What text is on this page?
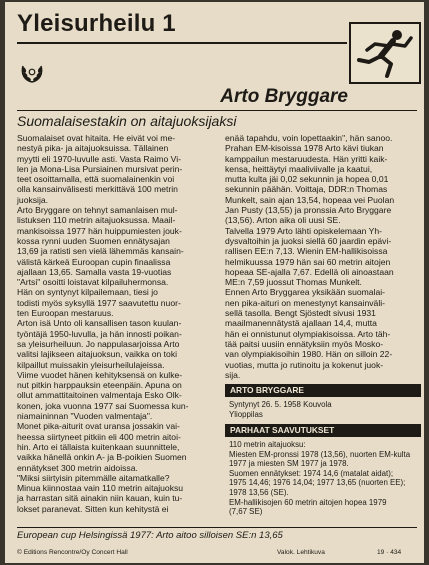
Yleisurheilu 1
Arto Bryggare
Suomalaisestakin on aitajuoksijaksi

Suomalaiset ovat hitaita. He eivät voi me-

nestyä pika- ja aitajuoksuissa. Tällainen

myytti eli 1970-luvulle asti. Vasta Raimo Vi-

len ja Mona-Lisa Pursiainen mursivat perin-

teet osoittamalla, että suomalainenkin voi

olla kansainvälisesti merkittävä 100 metrin

juoksija.

Arto Bryggare on tehnyt samanlaisen mul-

listuksen 110 metrin aitajuoksussa. Maail-

mankisoissa 1977 hän huippumiesten jouk-

kossa rynni uuden Suomen ennätysajan

13,69 ja ratisti sen vielä lähemmäs kansain-

välistä kärkeä Euroopan cupin finaalissa

ajallaan 13,65. Samalla vasta 19-vuotias

"Artsi" osoitti loistavat kilpailuhermonsa.

Hän on syntynyt kilpailemaan, tiesi jo

todisti myös syksyllä 1977 saavutettu nuor-

ten Euroopan mestaruus.

Arton isä Unto oli kansallisen tason kuulan-

työntäjä 1950-luvulla, ja hän innosti poikan-

sa yleisurheiluun. Jo nappulasarjoissa Arto

valitsi lajikseen aitajuoksun, vaikka on toki

kilpaillut muissakin yleisurheilulajeissa.

Viime vuodet hänen kehityksensä on kulke-

nut pitkin harppauksin eteenpäin. Apuna on

ollut ammattitaitoinen valmentaja Esko Olk-

konen, joka vuonna 1977 sai Suomessa kun-

niamaininnan "Vuoden valmentaja".

Monet pika-aiturit ovat uransa jossakin vai-

heessa siirtyneet pitkiin eli 400 metrin aitoi-

hin. Arto ei tällaista kuitenkaan suunnittele,

vaikka hänellä onkin A- ja B-poikien Suomen

ennätykset 300 metrin aidoissa.

"Miksi siirtyisin pitemmälle aitamatkalle?

Minua kiinnostaa vain 110 metrin aitajuoksu

ja harrastan sitä ainakin niin kauan, kuin tu-

lokset paranevat. Sitten kun kehitystä ei

enää tapahdu, voin lopettaakin", hän sanoo.

Prahan EM-kisoissa 1978 Arto kävi tiukan

kamppailun mestaruudesta. Hän yritti kaik-

kensa, heittäytyi maaliviivalle ja kaatui,

mutta kulta jäi 0,02 sekunnin ja hopea 0,01

sekunnin päähän. Voittaja, DDR:n Thomas

Munkelt, sain ajan 13,54, hopeaa vei Puolan

Jan Pusty (13,55) ja pronssia Arto Bryggare

(13,56). Arton aika oli uusi SE.

Talvella 1979 Arto lähti opiskelemaan Yh-

dysvaltoihin ja juoksi siellä 60 jaardin epävi-

rallisen EE:n 7,13. Wienin EM-hallikisoissa

helmikuussa 1979 hän sai 60 metrin aitojen

hopeaa SE-ajalla 7,67. Edellä oli ainoastaan

ME:n 7,59 juossut Thomas Munkelt.

Ennen Arto Bryggarea yksikään suomalai-

nen pika-aituri on menestynyt kansainväli-

sellä tasolla. Bengt Sjöstedt sivusi 1931

maailmanennätystä ajallaan 14,4, mutta

hän ei onnistunut olympiakisoissa. Arto täh-

tää paitsi uusiin ennätyksiin myös Mosko-

van olympiakisoihin 1980. Hän on silloin 22-

vuotias, mutta jo rutinoitu ja kokenut juok-

sija.

ARTO BRYGGARE

Syntynyt 26. 5. 1958 Kouvola

Ylioppilas

PARHAAT SAAVUTUKSET

110 metrin aitajuoksu:

Miesten EM-pronssi 1978 (13,56), nuorten EM-kulta

1977 ja miesten SM 1977 ja 1978.

Suomen ennätykset: 1974 14,6 (matalat aidat);

1975 14,46; 1976 14,04; 1977 13,65 (nuorten EE);

1978 13,56 (SE).

EM-hallikisojen 60 metrin aitojen hopea 1979

(7,67 SE)

European cup Helsingissä 1977: Arto aitoo silloisen SE:n 13,65
© Editions Rencontre/Oy Concert Hall	Valok. Lehtikuva	19 · 434
